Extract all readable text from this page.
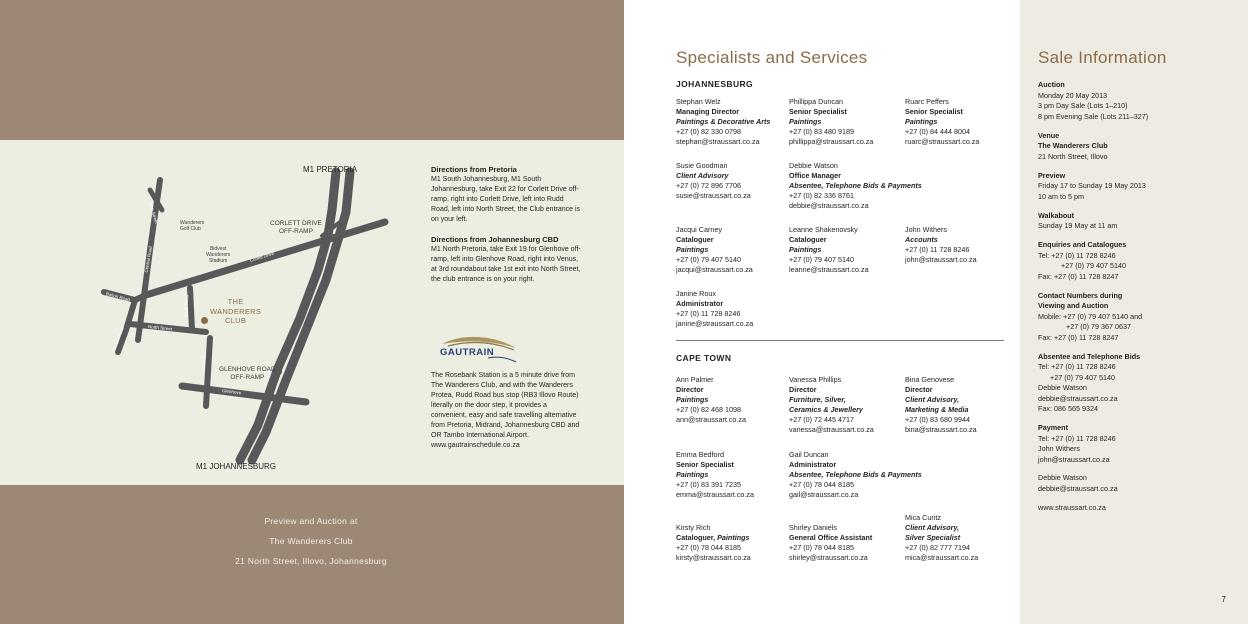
Corlett Drive
Bolton Road
Central Road
Fifth Street
North Street
Oxford Road
Rudd Road
Venus
Glenhove
M1 PRETORIA
M1 JOHANNESBURG
CORLETT DRIVE
OFF-RAMP
GLENHOVE ROAD
OFF-RAMP
Wanderers
Golf Club
Bidvest
Wanderers
Stadium
THE
WANDERERS
CLUB
Directions from Pretoria

M1 South Johannesburg, M1 South Johannesburg, take Exit 22 for Corlett Drive off-ramp, right into Corlett Drive, left into Rudd Road, left into North Street, the Club entrance is on your left.

Directions from Johannesburg CBD

M1 North Pretoria, take Exit 19 for Glenhove off-ramp, left into Glenhove Road, right into Venus, at 3rd roundabout take 1st exit into North Street, the club entrance is on your right.

GAUTRAIN
The Rosebank Station is a 5 minute drive from The Wanderers Club, and with the Wanderers Protea, Rudd Road bus stop (RB3 Illovo Route) literally on the door step, it provides a convenient, easy and safe travelling alternative from Pretoria, Midrand, Johannesburg CBD and OR Tambo International Airport.
www.gautrainschedule.co.za
Preview and Auction at
The Wanderers Club
21 North Street, Illovo, Johannesburg
Specialists and Services
JOHANNESBURG
Stephan Welz
Managing Director
Paintings & Decorative Arts
+27 (0) 82 330 0798
stephan@straussart.co.za
Phillippa Duncan
Senior Specialist
Paintings
+27 (0) 83 480 9189
phillippa@straussart.co.za
Ruarc Peffers
Senior Specialist
Paintings
+27 (0) 84 444 8004
ruarc@straussart.co.za
Susie Goodman
Client Advisory
+27 (0) 72 896 7706
susie@straussart.co.za
Debbie Watson
Office Manager
Absentee, Telephone Bids & Payments
+27 (0) 82 336 8761
debbie@straussart.co.za
Jacqui Carney
Cataloguer
Paintings
+27 (0) 79 407 5140
jacqui@straussart.co.za
Leanne Shakenovsky
Cataloguer
Paintings
+27 (0) 79 407 5140
leanne@straussart.co.za
John Withers
Accounts
+27 (0) 11 728 8246
john@straussart.co.za
Janine Roux
Administrator
+27 (0) 11 728 8246
janine@straussart.co.za
CAPE TOWN
Ann Palmer
Director
Paintings
+27 (0) 82 468 1098
ann@straussart.co.za
Vanessa Phillips
Director
Furniture, Silver,
Ceramics & Jewellery
+27 (0) 72 445 4717
vanessa@straussart.co.za
Bina Genovese
Director
Client Advisory,
Marketing & Media
+27 (0) 83 680 9944
bina@straussart.co.za
Emma Bedford
Senior Specialist
Paintings
+27 (0) 83 391 7235
emma@straussart.co.za
Gail Duncan
Administrator
Absentee, Telephone Bids & Payments
+27 (0) 78 044 8185
gail@straussart.co.za
Kirsty Rich
Cataloguer, Paintings
+27 (0) 78 044 8185
kirsty@straussart.co.za
Shirley Daniels
General Office Assistant
+27 (0) 78 044 8185
shirley@straussart.co.za
Mica Curitz
Client Advisory,
Silver Specialist
+27 (0) 82 777 7194
mica@straussart.co.za
Sale Information
Auction
Monday 20 May 2013
3 pm Day Sale (Lots 1–210)
8 pm Evening Sale (Lots 211–327)
Venue
The Wanderers Club
21 North Street, Illovo
Preview
Friday 17 to Sunday 19 May 2013
10 am to 5 pm
Walkabout
Sunday 19 May at 11 am
Enquiries and Catalogues
Tel: +27 (0) 11 728 8246
+27 (0) 79 407 5140
Fax: +27 (0) 11 728 8247
Contact Numbers during
Viewing and Auction
Mobile: +27 (0) 79 407 5140 and
+27 (0) 79 367 0637
Fax: +27 (0) 11 728 8247
Absentee and Telephone Bids
Tel: +27 (0) 11 728 8246
+27 (0) 79 407 5140
Debbie Watson
debbie@straussart.co.za
Fax: 086 565 9324
Payment
Tel: +27 (0) 11 728 8246
John Withers
john@straussart.co.za
Debbie Watson
debbie@straussart.co.za
www.straussart.co.za
7
